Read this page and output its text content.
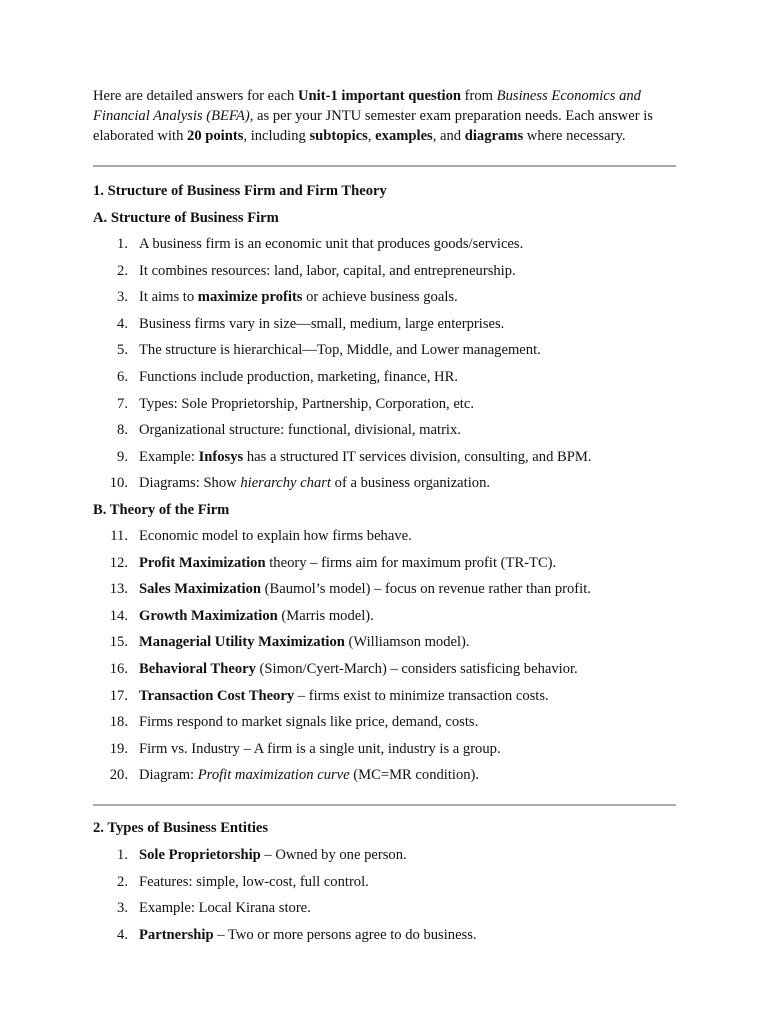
Here are detailed answers for each Unit-1 important question from Business Economics and Financial Analysis (BEFA), as per your JNTU semester exam preparation needs. Each answer is elaborated with 20 points, including subtopics, examples, and diagrams where necessary.

1. Structure of Business Firm and Firm Theory
A. Structure of Business Firm
1. A business firm is an economic unit that produces goods/services.
2. It combines resources: land, labor, capital, and entrepreneurship.
3. It aims to maximize profits or achieve business goals.
4. Business firms vary in size—small, medium, large enterprises.
5. The structure is hierarchical—Top, Middle, and Lower management.
6. Functions include production, marketing, finance, HR.
7. Types: Sole Proprietorship, Partnership, Corporation, etc.
8. Organizational structure: functional, divisional, matrix.
9. Example: Infosys has a structured IT services division, consulting, and BPM.
10. Diagrams: Show hierarchy chart of a business organization.
B. Theory of the Firm
11. Economic model to explain how firms behave.
12. Profit Maximization theory – firms aim for maximum profit (TR-TC).
13. Sales Maximization (Baumol’s model) – focus on revenue rather than profit.
14. Growth Maximization (Marris model).
15. Managerial Utility Maximization (Williamson model).
16. Behavioral Theory (Simon/Cyert-March) – considers satisficing behavior.
17. Transaction Cost Theory – firms exist to minimize transaction costs.
18. Firms respond to market signals like price, demand, costs.
19. Firm vs. Industry – A firm is a single unit, industry is a group.
20. Diagram: Profit maximization curve (MC=MR condition).
2. Types of Business Entities
1. Sole Proprietorship – Owned by one person.
2. Features: simple, low-cost, full control.
3. Example: Local Kirana store.
4. Partnership – Two or more persons agree to do business.
